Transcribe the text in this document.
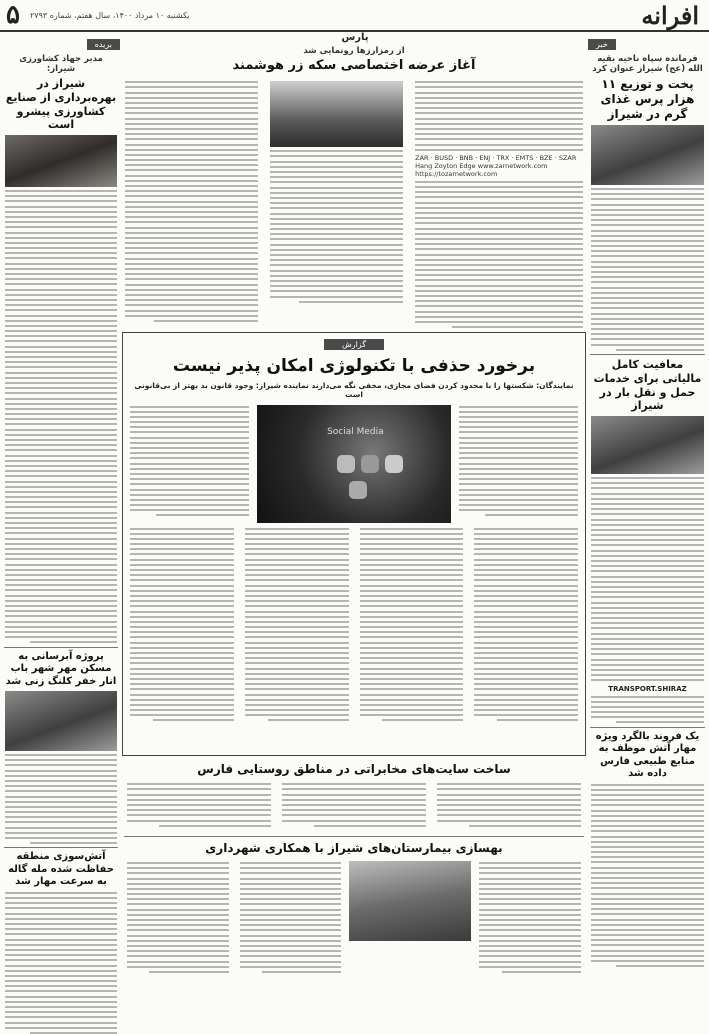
۵ یکشنبه ۱۰ مرداد ۱۴۰۰، سال هفتم، شماره ۲۷۹۳	افرانه
پارس
خبر
فرمانده سپاه ناحیه بقیه الله (عج) شیراز عنوان کرد
پخت و توزیع ۱۱ هزار پرس غذای گرم در شیراز
معافیت کامل مالیاتی برای خدمات حمل و نقل بار در شیراز
TRANSPORT.SHIRAZ
یک فروند بالگرد ویژه مهار آتش موظف به منابع طبیعی فارس داده شد
بریده
مدیر جهاد کشاورزی شیراز:
شیراز در بهره‌برداری از صنایع کشاورزی پیشرو است
پروژه آبرسانی به مسکن مهر شهر باب انار خفر کلنگ زنی شد
آتش‌سوزی منطقه حفاظت شده مله گاله به سرعت مهار شد
از رمزارزها رونمایی شد
آغاز عرضه اختصاصی سکه زر هوشمند
ZAR · BUSD · BNB · ENJ · TRX · EMTS · BZE · SZAR
Hang Zoyton Edge www.zarnetwork.com
https://tozarnetwork.com
گزارش
برخورد حذفی با تکنولوژی امکان پذیر نیست
نمایندگان: شکستها را با محدود کردن فضای مجازی، مخفی نگه می‌دارند نماینده شیراز: وجود قانون بد بهتر از بی‌قانونی است
Social Media
ساخت سایت‌های مخابراتی در مناطق روستایی فارس
بهسازی بیمارستان‌های شیراز با همکاری شهرداری
